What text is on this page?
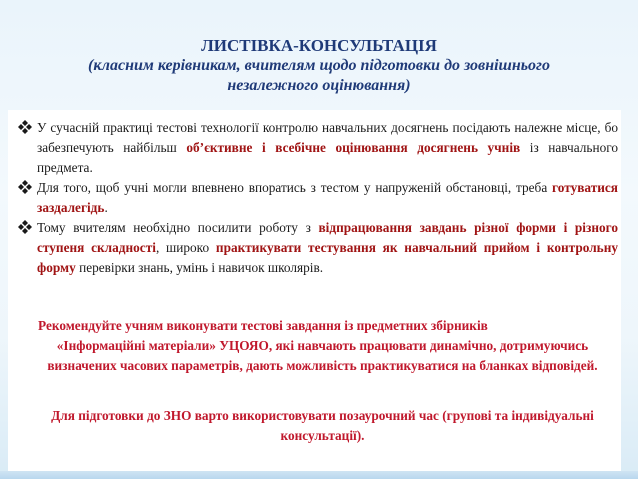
ЛИСТІВКА-КОНСУЛЬТАЦІЯ
(класним керівникам, вчителям щодо підготовки до зовнішнього незалежного оцінювання)
У сучасній практиці тестові технології контролю навчальних досягнень посідають належне місце, бо забезпечують найбільш об’єктивне і всебічне оцінювання досягнень учнів із навчального предмета.
Для того, щоб учні могли впевнено впоратись з тестом у напруженій обстановці, треба готуватися заздалегідь.
Тому вчителям необхідно посилити роботу з відпрацювання завдань різної форми і різного ступеня складності, широко практикувати тестування як навчальний прийом і контрольну форму перевірки знань, умінь і навичок школярів.
Рекомендуйте учням виконувати тестові завдання із предметних збірників
«Інформаційні матеріали» УЦОЯО, які навчають працювати динамічно, дотримуючись визначених часових параметрів, дають можливість практикуватися на бланках відповідей.
Для підготовки до ЗНО варто використовувати позаурочний час (групові та індивідуальні консультації).
